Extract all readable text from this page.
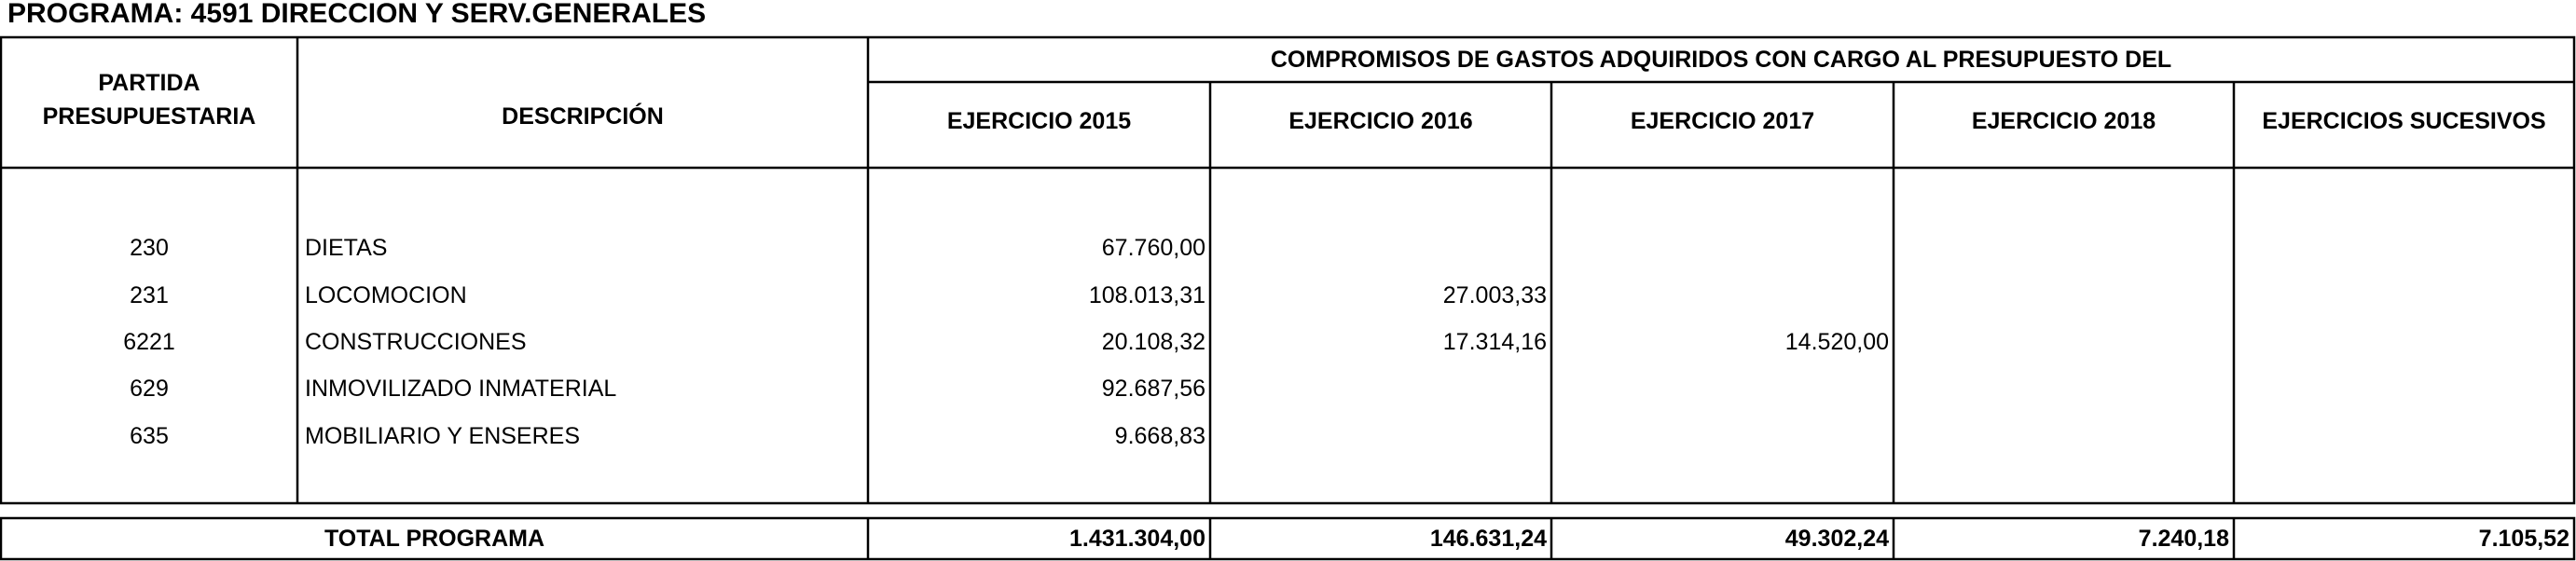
PROGRAMA: 4591 DIRECCION Y SERV.GENERALES
PARTIDA
PRESUPUESTARIA	DESCRIPCIÓN
COMPROMISOS DE GASTOS ADQUIRIDOS CON CARGO AL PRESUPUESTO DEL
EJERCICIO 2015	EJERCICIO 2016	EJERCICIO 2017	EJERCICIO 2018	EJERCICIOS SUCESIVOS
230	DIETAS	67.760,00
231	LOCOMOCION	108.013,31	27.003,33
6221	CONSTRUCCIONES	20.108,32	17.314,16	14.520,00
629	INMOVILIZADO INMATERIAL	92.687,56
635	MOBILIARIO Y ENSERES	9.668,83
TOTAL PROGRAMA	1.431.304,00	146.631,24	49.302,24	7.240,18	7.105,52
